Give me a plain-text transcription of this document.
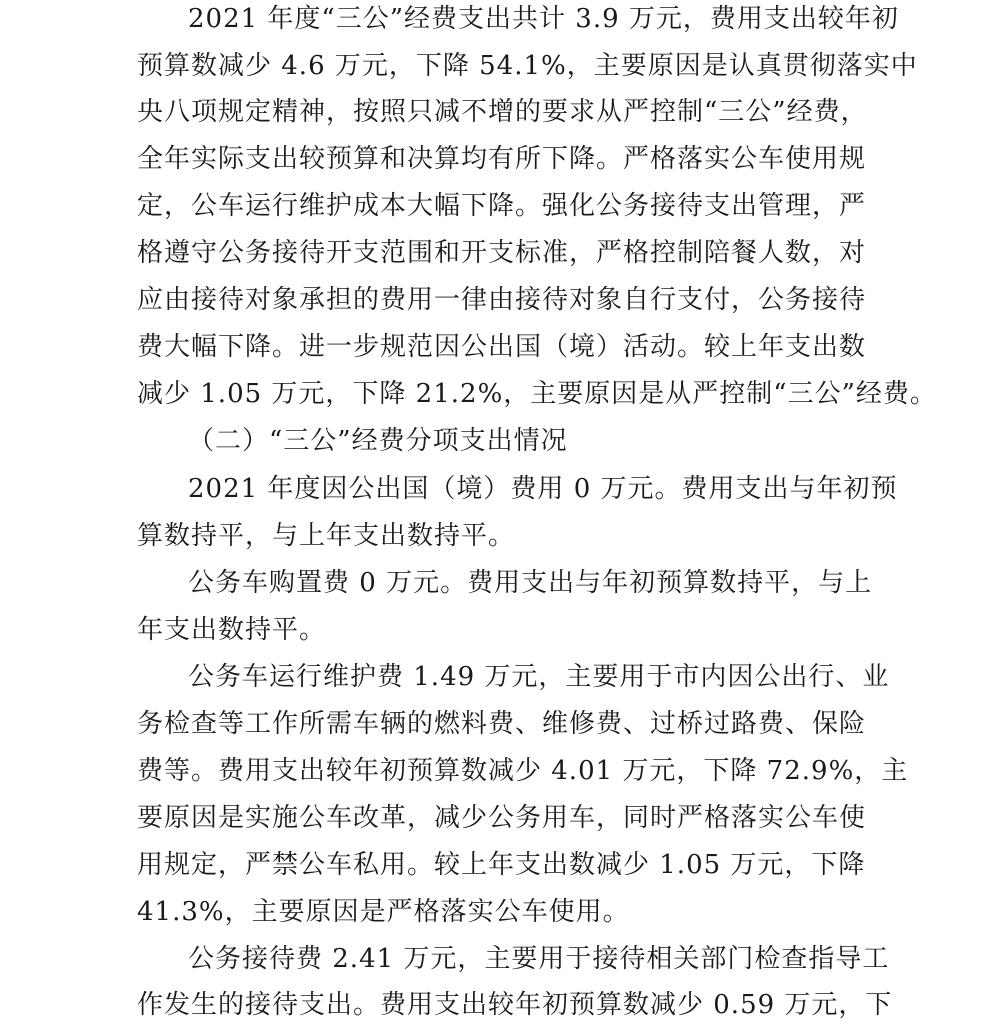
2021 年度“三公”经费支出共计 3.9 万元，费用支出较年初
预算数减少 4.6 万元，下降 54.1%，主要原因是认真贯彻落实中
央八项规定精神，按照只减不增的要求从严控制“三公”经费，
全年实际支出较预算和决算均有所下降。严格落实公车使用规
定，公车运行维护成本大幅下降。强化公务接待支出管理，严
格遵守公务接待开支范围和开支标准，严格控制陪餐人数，对
应由接待对象承担的费用一律由接待对象自行支付，公务接待
费大幅下降。进一步规范因公出国（境）活动。较上年支出数
减少 1.05 万元，下降 21.2%，主要原因是从严控制“三公”经费。
（二）“三公”经费分项支出情况
2021 年度因公出国（境）费用 0 万元。费用支出与年初预
算数持平，与上年支出数持平。
公务车购置费 0 万元。费用支出与年初预算数持平，与上
年支出数持平。
公务车运行维护费 1.49 万元，主要用于市内因公出行、业
务检查等工作所需车辆的燃料费、维修费、过桥过路费、保险
费等。费用支出较年初预算数减少 4.01 万元，下降 72.9%，主
要原因是实施公车改革，减少公务用车，同时严格落实公车使
用规定，严禁公车私用。较上年支出数减少 1.05 万元，下降
41.3%，主要原因是严格落实公车使用。
公务接待费 2.41 万元，主要用于接待相关部门检查指导工
作发生的接待支出。费用支出较年初预算数减少 0.59 万元，下
